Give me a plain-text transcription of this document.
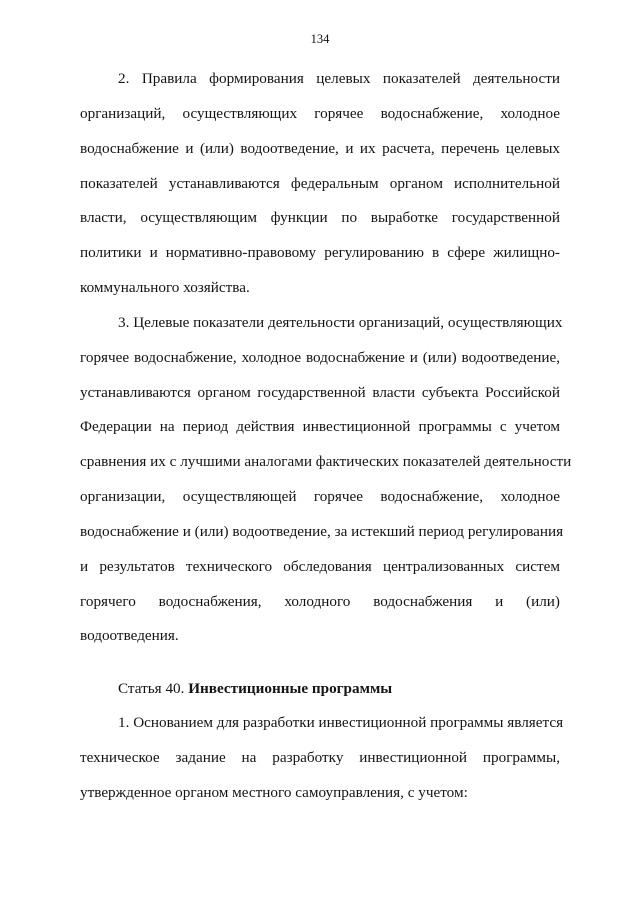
134
2. Правила формирования целевых показателей деятельности
организаций, осуществляющих горячее водоснабжение, холодное
водоснабжение и (или) водоотведение, и их расчета, перечень целевых
показателей устанавливаются федеральным органом исполнительной
власти, осуществляющим функции по выработке государственной
политики и нормативно-правовому регулированию в сфере жилищно-
коммунального хозяйства.
3. Целевые показатели деятельности организаций, осуществляющих
горячее водоснабжение, холодное водоснабжение и (или) водоотведение,
устанавливаются органом государственной власти субъекта Российской
Федерации на период действия инвестиционной программы с учетом
сравнения их с лучшими аналогами фактических показателей деятельности
организации, осуществляющей горячее водоснабжение, холодное
водоснабжение и (или) водоотведение, за истекший период регулирования
и результатов технического обследования централизованных систем
горячего водоснабжения, холодного водоснабжения и (или)
водоотведения.
Статья 40. Инвестиционные программы
1. Основанием для разработки инвестиционной программы является
техническое задание на разработку инвестиционной программы,
утвержденное органом местного самоуправления, с учетом:
